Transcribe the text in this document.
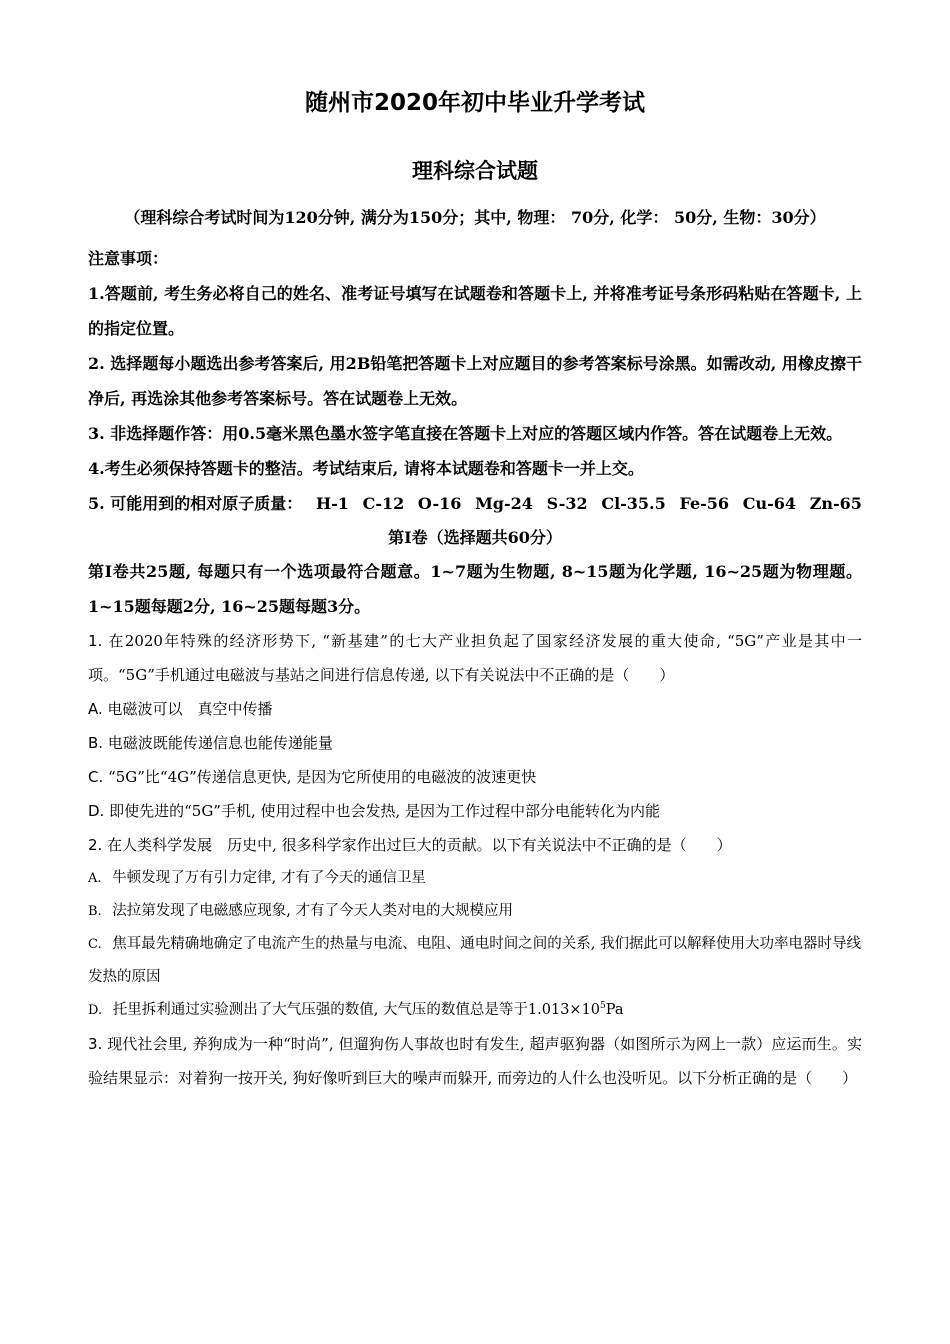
随州市2020年初中毕业升学考试
理科综合试题

（理科综合考试时间为120分钟, 满分为150分；其中, 物理： 70分, 化学： 50分, 生物：30分）

注意事项：

1.答题前, 考生务必将自己的姓名、准考证号填写在试题卷和答题卡上, 并将准考证号条形码粘贴在答题卡, 上的指定位置。

2. 选择题每小题选出参考答案后, 用2B铅笔把答题卡上对应题目的参考答案标号涂黑。如需改动, 用橡皮擦干净后, 再选涂其他参考答案标号。答在试题卷上无效。

3. 非选择题作答：用0.5毫米黑色墨水签字笔直接在答题卡上对应的答题区域内作答。答在试题卷上无效。

4.考生必须保持答题卡的整洁。考试结束后, 请将本试题卷和答题卡一并上交。

5. 可能用到的相对原子质量： H-1 C-12 O-16 Mg-24 S-32 Cl-35.5 Fe-56 Cu-64 Zn-65

第I卷（选择题共60分）

第I卷共25题, 每题只有一个选项最符合题意。1~7题为生物题, 8~15题为化学题, 16~25题为物理题。1~15题每题2分, 16~25题每题3分。

1. 在2020年特殊的经济形势下, “新基建”的七大产业担负起了国家经济发展的重大使命, “5G”产业是其中一项。“5G”手机通过电磁波与基站之间进行信息传递, 以下有关说法中不正确的是（　　）

A. 电磁波可以　真空中传播

B. 电磁波既能传递信息也能传递能量

C. “5G”比“4G”传递信息更快, 是因为它所使用的电磁波的波速更快

D. 即使先进的“5G”手机, 使用过程中也会发热, 是因为工作过程中部分电能转化为内能

2. 在人类科学发展　历史中, 很多科学家作出过巨大的贡献。以下有关说法中不正确的是（　　）

A. 牛顿发现了万有引力定律, 才有了今天的通信卫星

B. 法拉第发现了电磁感应现象, 才有了今天人类对电的大规模应用

C. 焦耳最先精确地确定了电流产生的热量与电流、电阻、通电时间之间的关系, 我们据此可以解释使用大功率电器时导线发热的原因

D. 托里拆利通过实验测出了大气压强的数值, 大气压的数值总是等于$1.013\times 10^5Pa$

3. 现代社会里, 养狗成为一种“时尚”, 但遛狗伤人事故也时有发生, 超声驱狗器（如图所示为网上一款）应运而生。实验结果显示：对着狗一按开关, 狗好像听到巨大的噪声而躲开, 而旁边的人什么也没听见。以下分析正确的是（　　）
